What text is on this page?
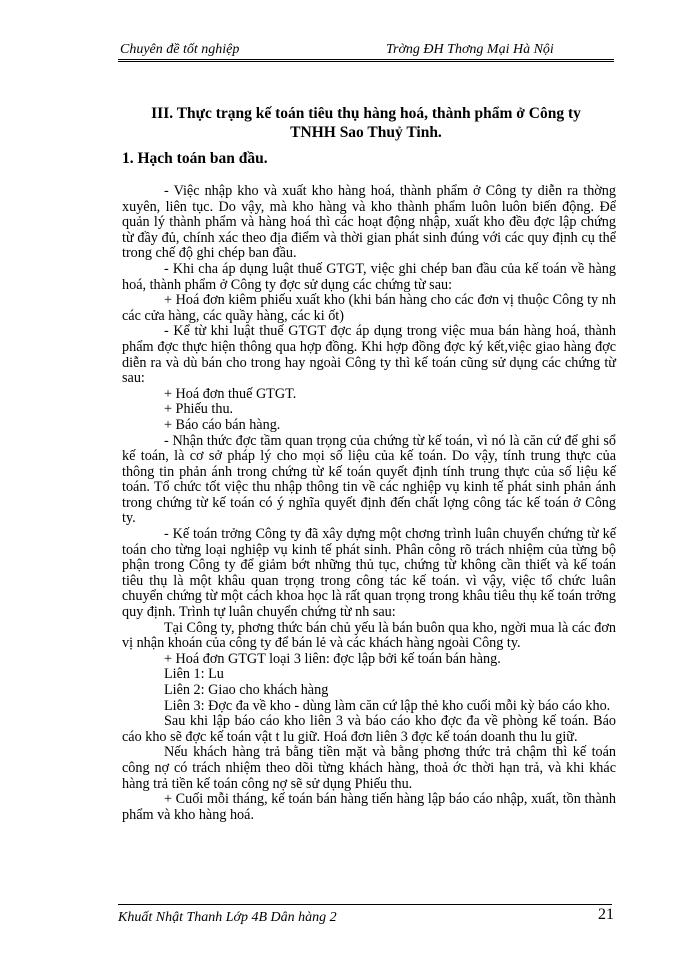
Chuyên đề tốt nghiệp	Trờng ĐH Thơng Mại Hà Nội
III. Thực trạng kế toán tiêu thụ hàng hoá, thành phẩm ở Công ty
TNHH Sao Thuỷ Tinh.
1. Hạch toán ban đầu.
- Việc nhập kho và xuất kho hàng hoá, thành phẩm ở Công ty diễn ra thờng xuyên, liên tục. Do vậy, mà kho hàng và kho thành phẩm luôn luôn biến động. Để quản lý thành phẩm và hàng hoá thì các hoạt động nhập, xuất kho đều đợc lập chứng từ đầy đủ, chính xác theo địa điểm và thời gian phát sinh đúng với các quy định cụ thể trong chế độ ghi chép ban đầu.
- Khi cha áp dụng luật thuế GTGT, việc ghi chép ban đầu của kế toán về hàng hoá, thành phẩm ở Công ty đợc sử dụng các chứng từ sau:
+ Hoá đơn kiêm phiếu xuất kho (khi bán hàng cho các đơn vị thuộc Công ty nh các cửa hàng, các quầy hàng, các ki ốt)
- Kể từ khi luật thuế GTGT đợc áp dụng trong việc mua bán hàng hoá, thành phẩm đợc thực hiện thông qua hợp đồng. Khi hợp đồng đợc ký kết,việc giao hàng đợc diễn ra và dù bán cho trong hay ngoài Công ty thì kế toán cũng sử dụng các chứng từ sau:
+ Hoá đơn thuế GTGT.
+ Phiếu thu.
+ Báo cáo bán hàng.
- Nhận thức đợc tầm quan trọng của chứng từ kế toán, vì nó là căn cứ để ghi sổ kế toán, là cơ sở pháp lý cho mọi số liệu của kế toán. Do vậy, tính trung thực của thông tin phản ánh trong chứng từ kế toán quyết định tính trung thực của số liệu kế toán. Tổ chức tốt việc thu nhập thông tin về các nghiệp vụ kinh tế phát sinh phản ánh trong chứng từ kế toán có ý nghĩa quyết định đến chất lợng công tác kế toán ở Công ty.
- Kế toán trởng Công ty đã xây dựng một chơng trình luân chuyển chứng từ kế toán cho từng loại nghiệp vụ kinh tế phát sinh. Phân công rõ trách nhiệm của từng bộ phận trong Công ty để giảm bớt những thủ tục, chứng từ không cần thiết và kế toán tiêu thụ là một khâu quan trọng trong công tác kế toán. vì vậy, việc tổ chức luân chuyển chứng từ một cách khoa học là rất quan trọng trong khâu tiêu thụ kế toán trởng quy định. Trình tự luân chuyển chứng từ nh sau:
Tại Công ty, phơng thức bán chủ yếu là bán buôn qua kho, ngời mua là các đơn vị nhận khoán của công ty để bán lẻ và các khách hàng ngoài Công ty.
+ Hoá đơn GTGT loại 3 liên: đợc lập bởi kế toán bán hàng.
Liên 1: Lu
Liên 2: Giao cho khách hàng
Liên 3: Đợc đa về kho - dùng làm căn cứ lập thẻ kho cuối mỗi kỳ báo cáo kho.
Sau khi lập báo cáo kho liên 3 và báo cáo kho đợc đa về phòng kế toán. Báo cáo kho sẽ đợc kế toán vật t lu giữ. Hoá đơn liên 3 đợc kế toán doanh thu lu giữ.
Nếu khách hàng trả bằng tiền mặt và bằng phơng thức trả chậm thì kế toán công nợ có trách nhiệm theo dõi từng khách hàng, thoả ớc thời hạn trả, và khi khác hàng trả tiền kế toán công nợ sẽ sử dụng Phiếu thu.
+ Cuối mỗi tháng, kế toán bán hàng tiến hàng lập báo cáo nhập, xuất, tồn thành phẩm và kho hàng hoá.
Khuất Nhật Thanh Lớp 4B Dân hàng 2	21
